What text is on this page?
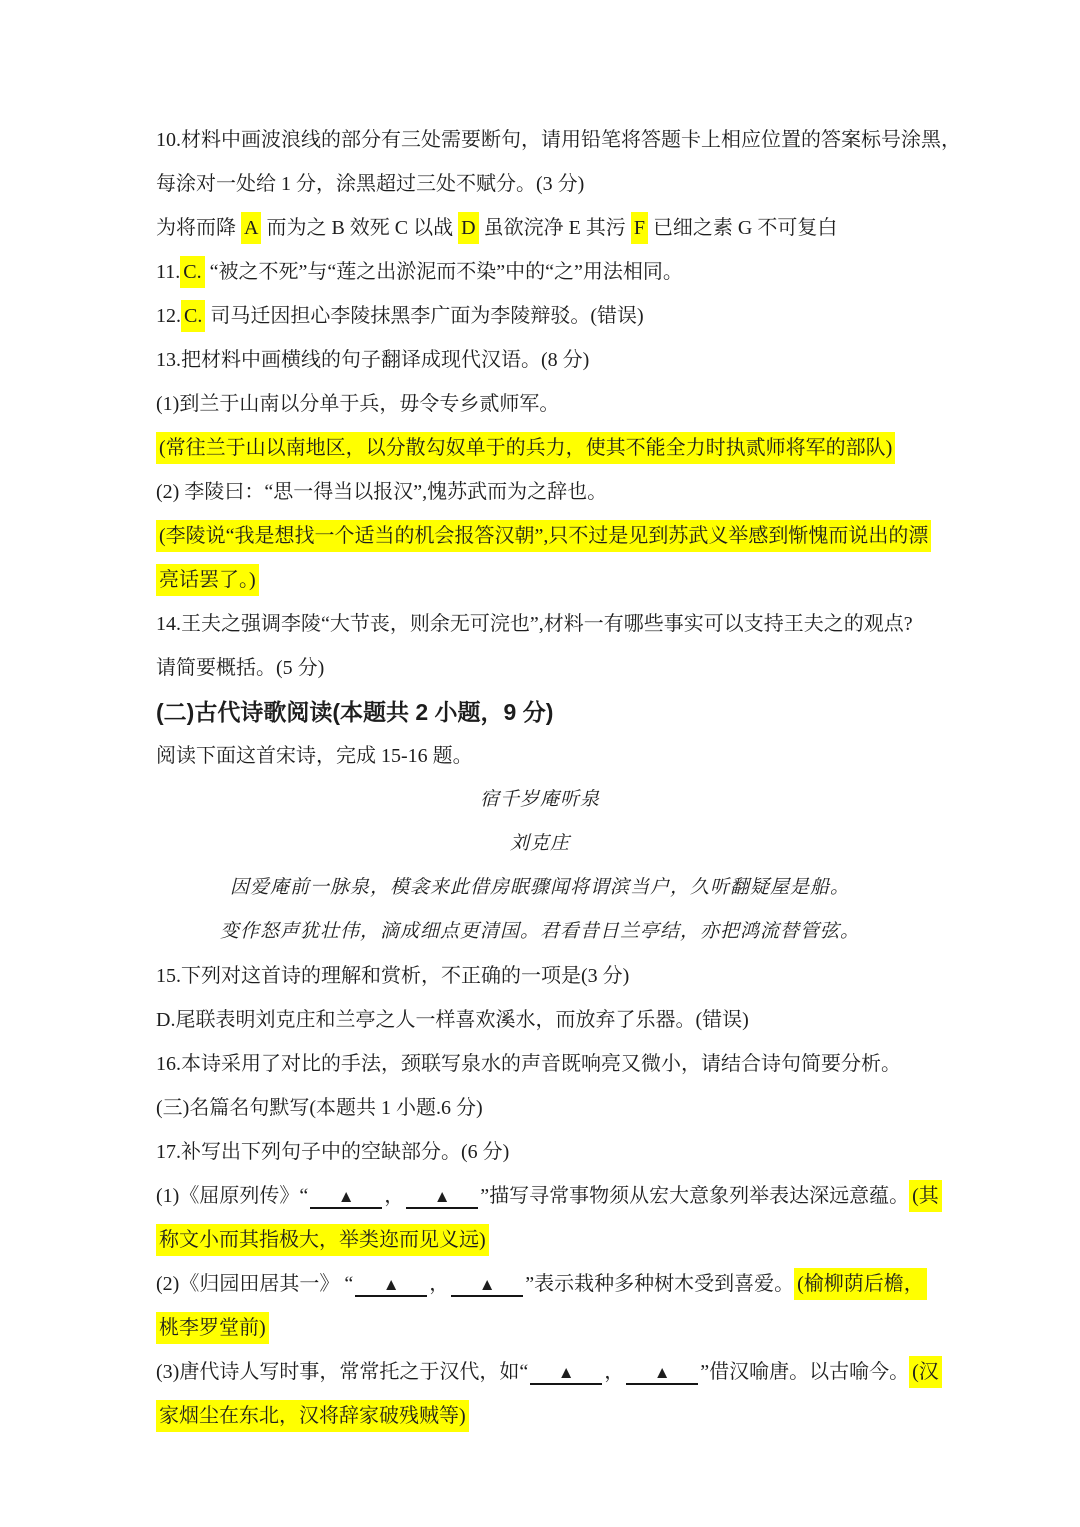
10.材料中画波浪线的部分有三处需要断句，请用铅笔将答题卡上相应位置的答案标号涂黑，

每涂对一处给 1 分，涂黑超过三处不赋分。(3 分)

为将而降 A 而为之 B 效死 C 以战 D 虽欲浣净 E 其污 F 已细之素 G 不可复白

11. C. “被之不死”与“莲之出淤泥而不染”中的“之”用法相同。

12. C. 司马迁因担心李陵抹黑李广面为李陵辩驳。(错误)

13.把材料中画横线的句子翻译成现代汉语。(8 分)

(1)到兰于山南以分单于兵，毋令专乡贰师军。

(常往兰于山以南地区，以分散勾奴单于的兵力，使其不能全力时执贰师将军的部队)

(2) 李陵曰：“思一得当以报汉”,愧苏武而为之辞也。

(李陵说“我是想找一个适当的机会报答汉朝”,只不过是见到苏武义举感到惭愧而说出的漂

亮话罢了。)

14.王夫之强调李陵“大节丧，则余无可浣也”,材料一有哪些事实可以支持王夫之的观点?

请简要概括。(5 分)

(二)古代诗歌阅读(本题共 2 小题，9 分)

阅读下面这首宋诗，完成 15-16 题。

宿千岁庵听泉

刘克庄

因爱庵前一脉泉，模衾来此借房眠骤闻将谓滨当户，久听翻疑屋是船。

变作怒声犹壮伟，滴成细点更清国。君看昔日兰亭结，亦把鸿流替管弦。

15.下列对这首诗的理解和赏析，不正确的一项是(3 分)

D.尾联表明刘克庄和兰亭之人一样喜欢溪水，而放弃了乐器。(错误)

16.本诗采用了对比的手法，颈联写泉水的声音既响亮又微小，请结合诗句简要分析。

(三)名篇名句默写(本题共 1 小题.6 分)

17.补写出下列句子中的空缺部分。(6 分)

(1)《屈原列传》“ ▲ ， ▲ ”描写寻常事物须从宏大意象列举表达深远意蕴。 (其

称文小而其指极大，举类迩而见义远)

(2)《归园田居其一》 “ ▲ ， ▲ ”表示栽种多种树木受到喜爱。 (榆柳荫后檐，

桃李罗堂前)

(3)唐代诗人写时事，常常托之于汉代，如“ ▲ ， ▲ ”借汉喻唐。以古喻今。 (汉

家烟尘在东北，汉将辞家破残贼等)
